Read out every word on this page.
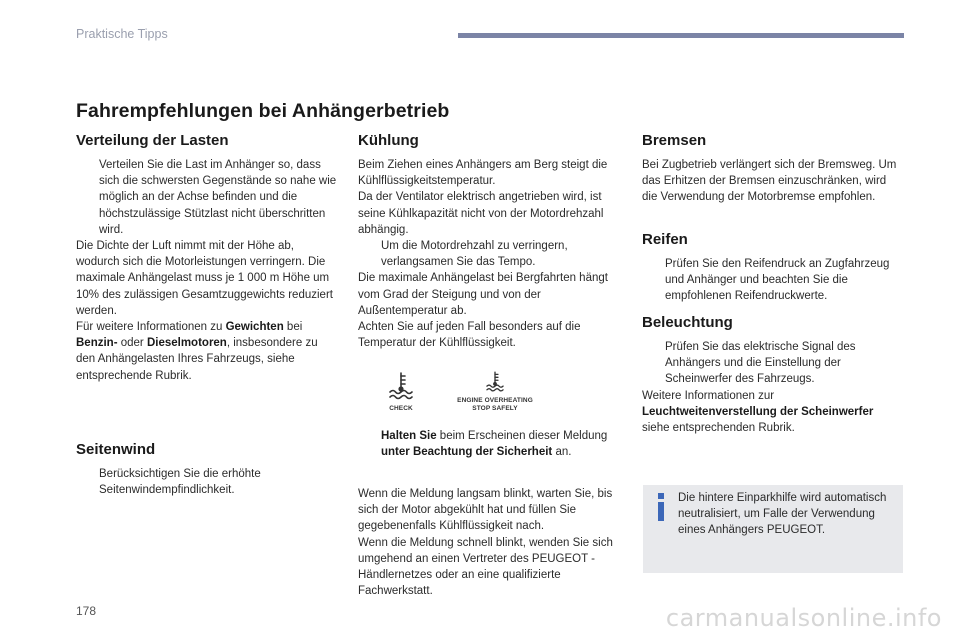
Praktische Tipps
Fahrempfehlungen bei Anhängerbetrieb
Verteilung der Lasten
Verteilen Sie die Last im Anhänger so, dass sich die schwersten Gegenstände so nahe wie möglich an der Achse befinden und die höchstzulässige Stützlast nicht überschritten wird.

Die Dichte der Luft nimmt mit der Höhe ab, wodurch sich die Motorleistungen verringern. Die maximale Anhängelast muss je 1 000 m Höhe um 10% des zulässigen Gesamtzuggewichts reduziert werden.

Für weitere Informationen zu Gewichten bei Benzin- oder Dieselmotoren, insbesondere zu den Anhängelasten Ihres Fahrzeugs, siehe entsprechende Rubrik.

Seitenwind
Berücksichtigen Sie die erhöhte Seitenwindempfindlichkeit.
Kühlung

Beim Ziehen eines Anhängers am Berg steigt die Kühlflüssigkeitstemperatur.

Da der Ventilator elektrisch angetrieben wird, ist seine Kühlkapazität nicht von der Motordrehzahl abhängig.

Um die Motordrehzahl zu verringern, verlangsamen Sie das Tempo.

Die maximale Anhängelast bei Bergfahrten hängt vom Grad der Steigung und von der Außentemperatur ab.

Achten Sie auf jeden Fall besonders auf die Temperatur der Kühlflüssigkeit.

CHECK
ENGINE OVERHEATING
STOP SAFELY
Halten Sie beim Erscheinen dieser Meldung unter Beachtung der Sicherheit an.

Wenn die Meldung langsam blinkt, warten Sie, bis sich der Motor abgekühlt hat und füllen Sie gegebenenfalls Kühlflüssigkeit nach.

Wenn die Meldung schnell blinkt, wenden Sie sich umgehend an einen Vertreter des PEUGEOT -Händlernetzes oder an eine qualifizierte Fachwerkstatt.

Bremsen

Bei Zugbetrieb verlängert sich der Bremsweg. Um das Erhitzen der Bremsen einzuschränken, wird die Verwendung der Motorbremse empfohlen.

Reifen
Prüfen Sie den Reifendruck an Zugfahrzeug und Anhänger und beachten Sie die empfohlenen Reifendruckwerte.
Beleuchtung
Prüfen Sie das elektrische Signal des Anhängers und die Einstellung der Scheinwerfer des Fahrzeugs.

Weitere Informationen zur Leuchtweitenverstellung der Scheinwerfer siehe entsprechenden Rubrik.

Die hintere Einparkhilfe wird automatisch neutralisiert, um Falle der Verwendung eines Anhängers PEUGEOT.
178	carmanualsonline.info
